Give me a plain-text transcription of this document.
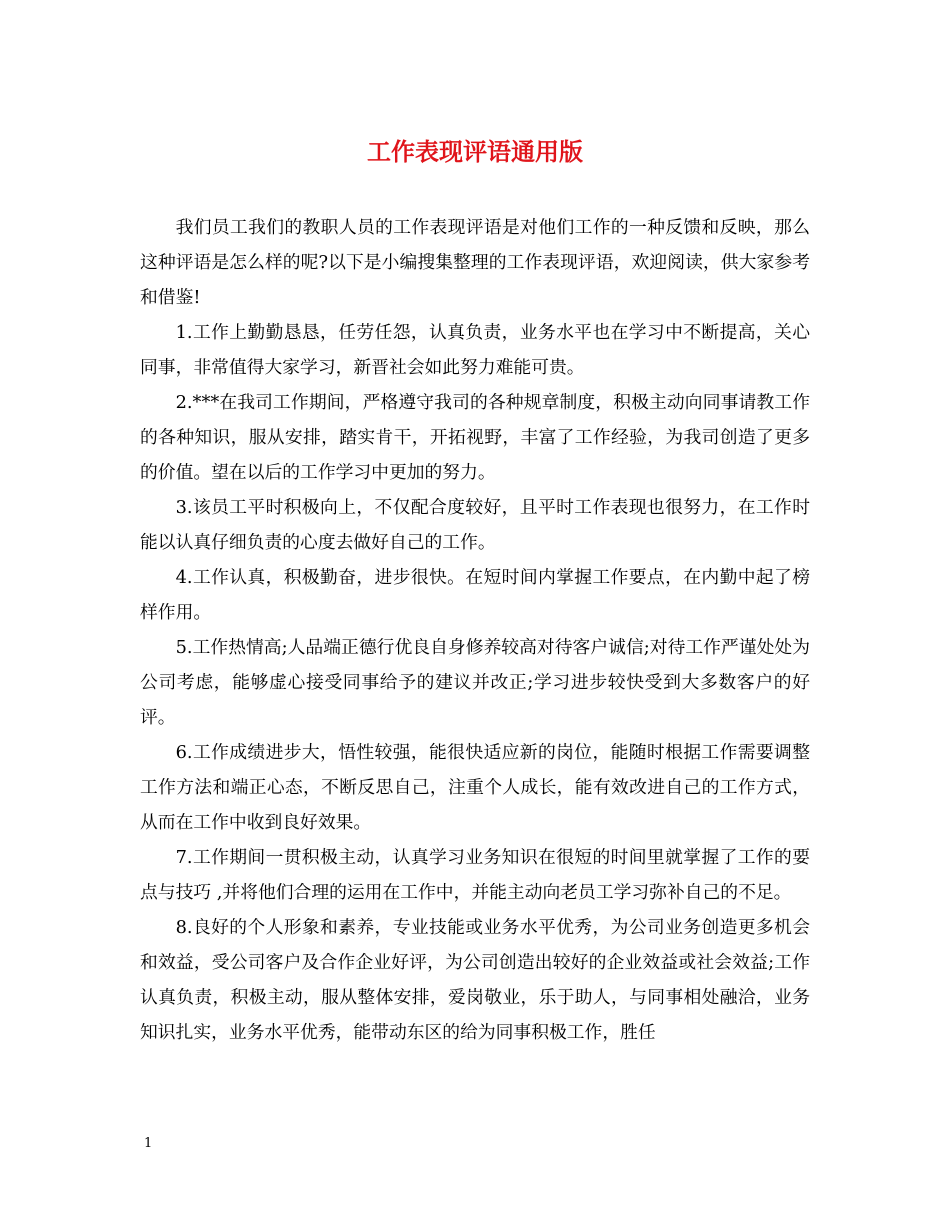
工作表现评语通用版

我们员工我们的教职人员的工作表现评语是对他们工作的一种反馈和反映，那么这种评语是怎么样的呢?以下是小编搜集整理的工作表现评语，欢迎阅读，供大家参考和借鉴!

1.工作上勤勤恳恳，任劳任怨，认真负责，业务水平也在学习中不断提高，关心同事，非常值得大家学习，新晋社会如此努力难能可贵。

2.***在我司工作期间，严格遵守我司的各种规章制度，积极主动向同事请教工作的各种知识，服从安排，踏实肯干，开拓视野，丰富了工作经验，为我司创造了更多的价值。望在以后的工作学习中更加的努力。

3.该员工平时积极向上，不仅配合度较好，且平时工作表现也很努力，在工作时能以认真仔细负责的心度去做好自己的工作。

4.工作认真，积极勤奋，进步很快。在短时间内掌握工作要点，在内勤中起了榜样作用。

5.工作热情高;人品端正德行优良自身修养较高对待客户诚信;对待工作严谨处处为公司考虑，能够虚心接受同事给予的建议并改正;学习进步较快受到大多数客户的好评。

6.工作成绩进步大，悟性较强，能很快适应新的岗位，能随时根据工作需要调整工作方法和端正心态，不断反思自己，注重个人成长，能有效改进自己的工作方式，从而在工作中收到良好效果。

7.工作期间一贯积极主动，认真学习业务知识在很短的时间里就掌握了工作的要点与技巧 ,并将他们合理的运用在工作中，并能主动向老员工学习弥补自己的不足。

8.良好的个人形象和素养，专业技能或业务水平优秀，为公司业务创造更多机会和效益，受公司客户及合作企业好评，为公司创造出较好的企业效益或社会效益;工作认真负责，积极主动，服从整体安排，爱岗敬业，乐于助人，与同事相处融洽，业务知识扎实，业务水平优秀，能带动东区的给为同事积极工作，胜任

1
